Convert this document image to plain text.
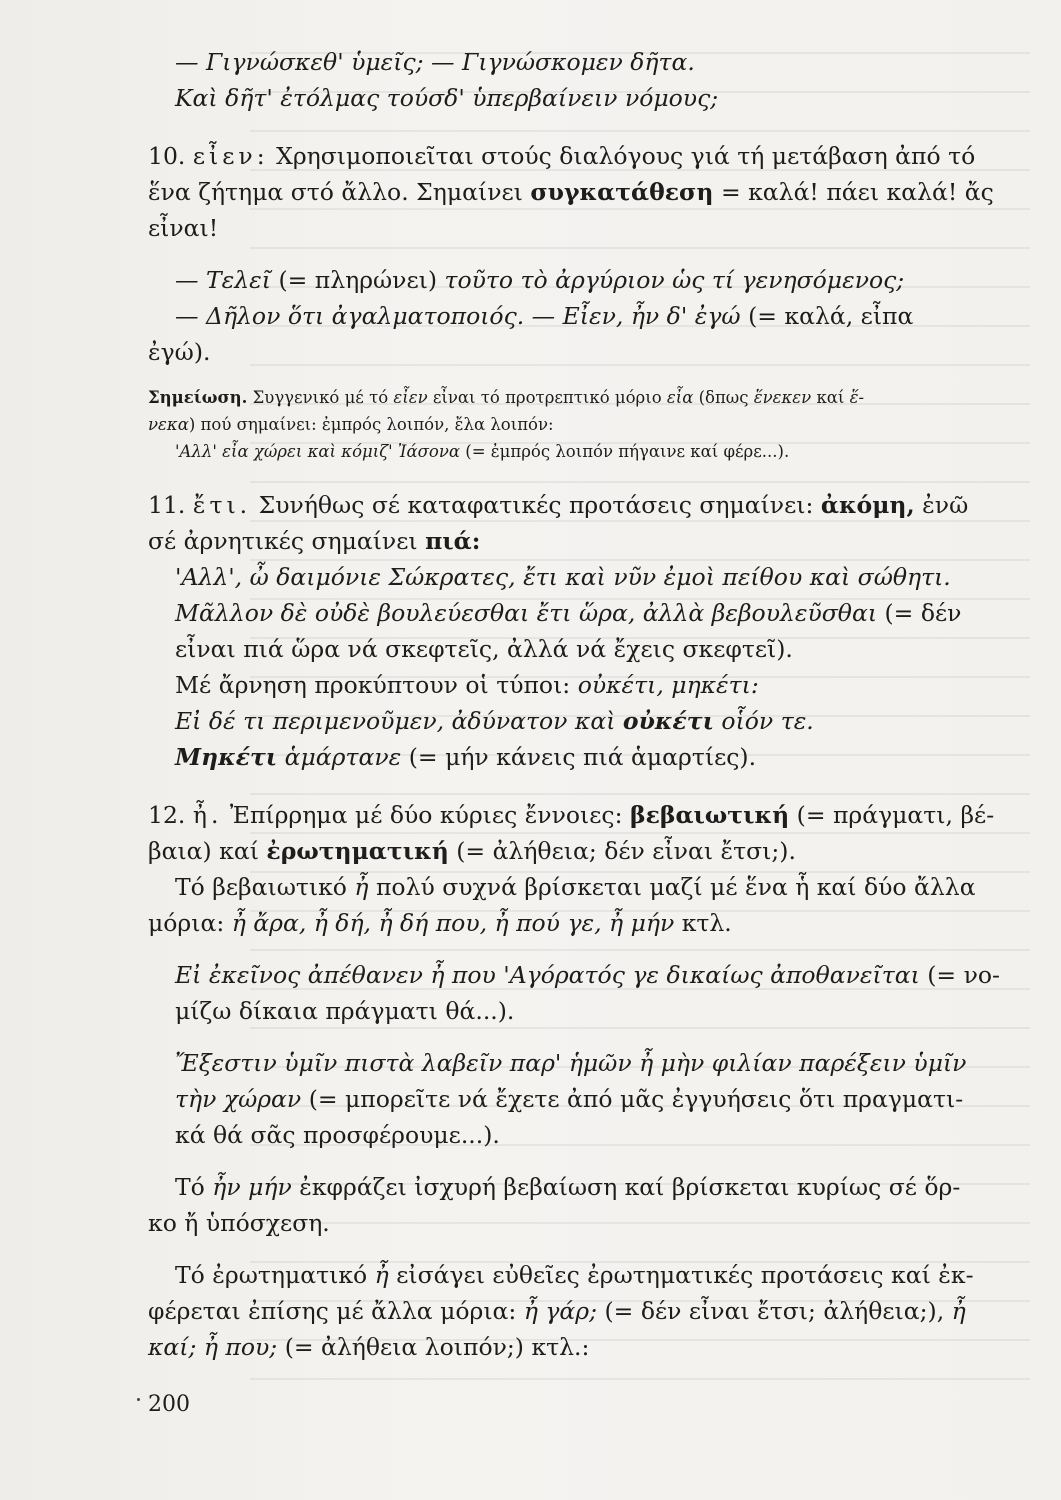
— Γιγνώσκεθ' ὑμεῖς; — Γιγνώσκομεν δῆτα.
Καὶ δῆτ' ἐτόλμας τούσδ' ὑπερβαίνειν νόμους;
10. εἶεν: Χρησιμοποιεῖται στούς διαλόγους γιά τή μετάβαση ἀπό τό
ἕνα ζήτημα στό ἄλλο. Σημαίνει συγκατάθεση = καλά! πάει καλά! ἄς
εἶναι!
— Τελεῖ (= πληρώνει) τοῦτο τὸ ἀργύριον ὡς τί γενησόμενος;
— Δῆλον ὅτι ἀγαλματοποιός. — Εἶεν, ἦν δ' ἐγώ (= καλά, εἶπα
ἐγώ).
Σημείωση. Συγγενικό μέ τό εἶεν εἶναι τό προτρεπτικό μόριο εἶα (δπως ἕνεκεν καί ἕ-
νεκα) πού σημαίνει: ἐμπρός λοιπόν, ἔλα λοιπόν:
'Αλλ' εἶα χώρει καὶ κόμιζ' Ἰάσονα (= ἐμπρός λοιπόν πήγαινε καί φέρε...).
11. ἔτι. Συνήθως σέ καταφατικές προτάσεις σημαίνει: ἀκόμη, ἐνῶ
σέ ἀρνητικές σημαίνει πιά:
'Αλλ', ὦ δαιμόνιε Σώκρατες, ἔτι καὶ νῦν ἐμοὶ πείθου καὶ σώθητι.
Μᾶλλον δὲ οὐδὲ βουλεύεσθαι ἔτι ὥρα, ἀλλὰ βεβουλεῦσθαι (= δέν
εἶναι πιά ὥρα νά σκεφτεῖς, ἀλλά νά ἔχεις σκεφτεῖ).
Μέ ἄρνηση προκύπτουν οἱ τύποι: οὐκέτι, μηκέτι:
Εἰ δέ τι περιμενοῦμεν, ἀδύνατον καὶ οὐκέτι οἷόν τε.
Μηκέτι ἁμάρτανε (= μήν κάνεις πιά ἁμαρτίες).
12. ἦ. Ἐπίρρημα μέ δύο κύριες ἔννοιες: βεβαιωτική (= πράγματι, βέ-
βαια) καί ἐρωτηματική (= ἀλήθεια; δέν εἶναι ἔτσι;).
Τό βεβαιωτικό ἦ πολύ συχνά βρίσκεται μαζί μέ ἕνα ἧ καί δύο ἄλλα
μόρια: ἦ ἄρα, ἦ δή, ἦ δή που, ἦ πού γε, ἦ μήν κτλ.
Εἰ ἐκεῖνος ἀπέθανεν ἦ που 'Αγόρατός γε δικαίως ἀποθανεῖται (= νο-
μίζω δίκαια πράγματι θά...).
Ἔξεστιν ὑμῖν πιστὰ λαβεῖν παρ' ἡμῶν ἦ μὴν φιλίαν παρέξειν ὑμῖν
τὴν χώραν (= μπορεῖτε νά ἔχετε ἀπό μᾶς ἐγγυήσεις ὅτι πραγματι-
κά θά σᾶς προσφέρουμε...).
Τό ἦν μήν ἐκφράζει ἰσχυρή βεβαίωση καί βρίσκεται κυρίως σέ ὅρ-
κο ἤ ὑπόσχεση.
Τό ἐρωτηματικό ἦ εἰσάγει εὐθεῖες ἐρωτηματικές προτάσεις καί ἐκ-
φέρεται ἐπίσης μέ ἄλλα μόρια: ἦ γάρ; (= δέν εἶναι ἔτσι; ἀλήθεια;), ἦ
καί; ἦ που; (= ἀλήθεια λοιπόν;) κτλ.:
200
